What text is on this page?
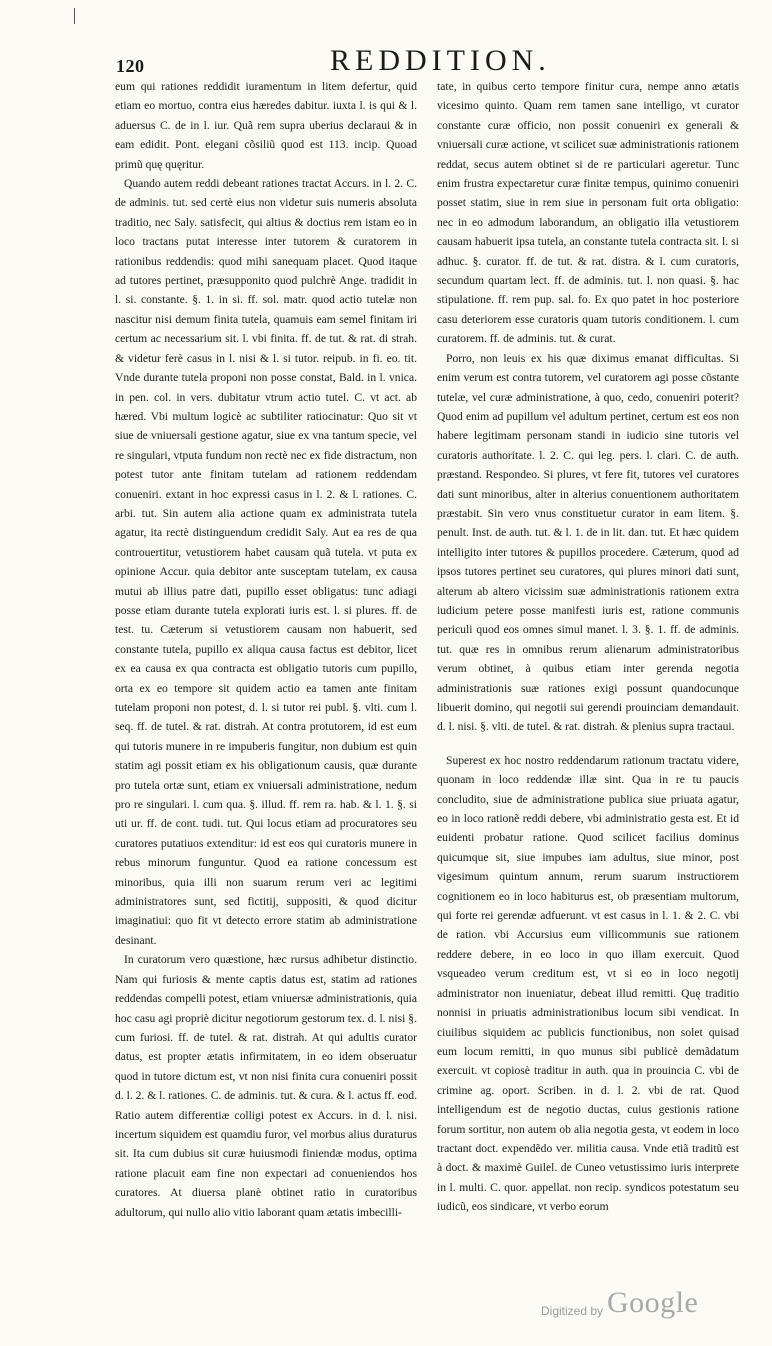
120	REDDITION.

eum qui rationes reddidit iuramentum in litem defertur, quid etiam eo mortuo, contra eius hæredes dabitur. iuxta l. is qui & l. aduersus C. de in l. iur. Quã rem supra uberius declaraui & in eam edidit. Pont. elegani cõsiliũ quod est 113. incip. Quoad primũ quę quęritur.

Quando autem reddi debeant rationes tractat Accurs. in l. 2. C. de adminis. tut. sed certè eius non videtur suis numeris absoluta traditio, nec Saly. satisfecit, qui altius & doctius rem istam eo in loco tractans putat interesse inter tutorem & curatorem in rationibus reddendis: quod mihi sanequam placet. Quod itaque ad tutores pertinet, præsupponito quod pulchrè Ange. tradidit in l. si. constante. §. 1. in si. ff. sol. matr. quod actio tutelæ non nascitur nisi demum finita tutela, quamuis eam semel finitam iri certum ac necessarium sit. l. vbi finita. ff. de tut. & rat. di strah. & videtur ferè casus in l. nisi & l. si tutor. reipub. in fi. eo. tit. Vnde durante tutela proponi non posse constat, Bald. in l. vnica. in pen. col. in vers. dubitatur vtrum actio tutel. C. vt act. ab hæred. Vbi multum logicè ac subtiliter ratiocinatur: Quo sit vt siue de vniuersali gestione agatur, siue ex vna tantum specie, vel re singulari, vtputa fundum non rectè nec ex fide distractum, non potest tutor ante finitam tutelam ad rationem reddendam conueniri. extant in hoc expressi casus in l. 2. & l. rationes. C. arbi. tut. Sin autem alia actione quam ex administrata tutela agatur, ita rectè distinguendum credidit Saly. Aut ea res de qua controuertitur, vetustiorem habet causam quã tutela. vt puta ex opinione Accur. quia debitor ante susceptam tutelam, ex causa mutui ab illius patre dati, pupillo esset obligatus: tunc adiagi posse etiam durante tutela explorati iuris est. l. si plures. ff. de test. tu. Cæterum si vetustiorem causam non habuerit, sed constante tutela, pupillo ex aliqua causa factus est debitor, licet ex ea causa ex qua contracta est obligatio tutoris cum pupillo, orta ex eo tempore sit quidem actio ea tamen ante finitam tutelam proponi non potest, d. l. si tutor rei publ. §. vlti. cum l. seq. ff. de tutel. & rat. distrah. At contra protutorem, id est eum qui tutoris munere in re impuberis fungitur, non dubium est quin statim agi possit etiam ex his obligationum causis, quæ durante pro tutela ortæ sunt, etiam ex vniuersali administratione, nedum pro re singulari. l. cum qua. §. illud. ff. rem ra. hab. & l. 1. §. si uti ur. ff. de cont. tudi. tut. Qui locus etiam ad procuratores seu curatores putatiuos extenditur: id est eos qui curatoris munere in rebus minorum funguntur. Quod ea ratione concessum est minoribus, quia illi non suarum rerum veri ac legitimi administratores sunt, sed fictitij, suppositi, & quod dicitur imaginatiui: quo fit vt detecto errore statim ab administratione desinant.

In curatorum vero quæstione, hæc rursus adhibetur distinctio. Nam qui furiosis & mente captis datus est, statim ad rationes reddendas compelli potest, etiam vniuersæ administrationis, quia hoc casu agi propriè dicitur negotiorum gestorum tex. d. l. nisi §. cum furiosi. ff. de tutel. & rat. distrah. At qui adultis curator datus, est propter ætatis infirmitatem, in eo idem obseruatur quod in tutore dictum est, vt non nisi finita cura conueniri possit d. l. 2. & l. rationes. C. de adminis. tut. & cura. & l. actus ff. eod. Ratio autem differentiæ colligi potest ex Accurs. in d. l. nisi. incertum siquidem est quamdiu furor, vel morbus alius duraturus sit. Ita cum dubius sit curæ huiusmodi finiendæ modus, optima ratione placuit eam fine non expectari ad conueniendos hos curatores. At diuersa planè obtinet ratio in curatoribus adultorum, qui nullo alio vitio laborant quam ætatis imbecilli-

tate, in quibus certo tempore finitur cura, nempe anno ætatis vicesimo quinto. Quam rem tamen sane intelligo, vt curator constante curæ officio, non possit conueniri ex generali & vniuersali curæ actione, vt scilicet suæ administrationis rationem reddat, secus autem obtinet si de re particulari ageretur. Tunc enim frustra expectaretur curæ finitæ tempus, quinimo conueniri posset statim, siue in rem siue in personam fuit orta obligatio: nec in eo admodum laborandum, an obligatio illa vetustiorem causam habuerit ipsa tutela, an constante tutela contracta sit. l. si adhuc. §. curator. ff. de tut. & rat. distra. & l. cum curatoris, secundum quartam lect. ff. de adminis. tut. l. non quasi. §. hac stipulatione. ff. rem pup. sal. fo. Ex quo patet in hoc posteriore casu deteriorem esse curatoris quam tutoris conditionem. l. cum curatorem. ff. de adminis. tut. & curat.

Porro, non leuis ex his quæ diximus emanat difficultas. Si enim verum est contra tutorem, vel curatorem agi posse cõstante tutelæ, vel curæ administratione, à quo, cedo, conueniri poterit? Quod enim ad pupillum vel adultum pertinet, certum est eos non habere legitimam personam standi in iudicio sine tutoris vel curatoris authoritate. l. 2. C. qui leg. pers. l. clari. C. de auth. præstand. Respondeo. Si plures, vt fere fit, tutores vel curatores dati sunt minoribus, alter in alterius conuentionem authoritatem præstabit. Sin vero vnus constituetur curator in eam litem. §. penult. Inst. de auth. tut. & l. 1. de in lit. dan. tut. Et hæc quidem intelligito inter tutores & pupillos procedere. Cæterum, quod ad ipsos tutores pertinet seu curatores, qui plures minori dati sunt, alterum ab altero vicissim suæ administrationis rationem extra iudicium petere posse manifesti iuris est, ratione communis periculi quod eos omnes simul manet. l. 3. §. 1. ff. de adminis. tut. quæ res in omnibus rerum alienarum administratoribus verum obtinet, à quibus etiam inter gerenda negotia administrationis suæ rationes exigi possunt quandocunque libuerit domino, qui negotii sui gerendi prouinciam demandauit. d. l. nisi. §. vlti. de tutel. & rat. distrah. & plenius supra tractaui.

Superest ex hoc nostro reddendarum rationum tractatu videre, quonam in loco reddendæ illæ sint. Qua in re tu paucis concludito, siue de administratione publica siue priuata agatur, eo in loco rationẽ reddi debere, vbi administratio gesta est. Et id euidenti probatur ratione. Quod scilicet facilius dominus quicumque sit, siue impubes iam adultus, siue minor, post vigesimum quintum annum, rerum suarum instructiorem cognitionem eo in loco habiturus est, ob præsentiam multorum, qui forte rei gerendæ adfuerunt. vt est casus in l. 1. & 2. C. vbi de ration. vbi Accursius eum villicommunis sue rationem reddere debere, in eo loco in quo illam exercuit. Quod vsqueadeo verum creditum est, vt si eo in loco negotij administrator non inueniatur, debeat illud remitti. Quę traditio nonnisi in priuatis administrationibus locum sibi vendicat. In ciuilibus siquidem ac publicis functionibus, non solet quisad eum locum remitti, in quo munus sibi publicè demãdatum exercuit. vt copiosè traditur in auth. qua in prouincia C. vbi de crimine ag. oport. Scriben. in d. l. 2. vbi de rat. Quod intelligendum est de negotio ductas, cuius gestionis ratione forum sortitur, non autem ob alia negotia gesta, vt eodem in loco tractant doct. expendẽdo ver. militia causa. Vnde etiã traditũ est à doct. & maximè Guilel. de Cuneo vetustissimo iuris interprete in l. multi. C. quor. appellat. non recip. syndicos potestatum seu iudicũ, eos sindicare, vt verbo eorum

Digitized by Google
